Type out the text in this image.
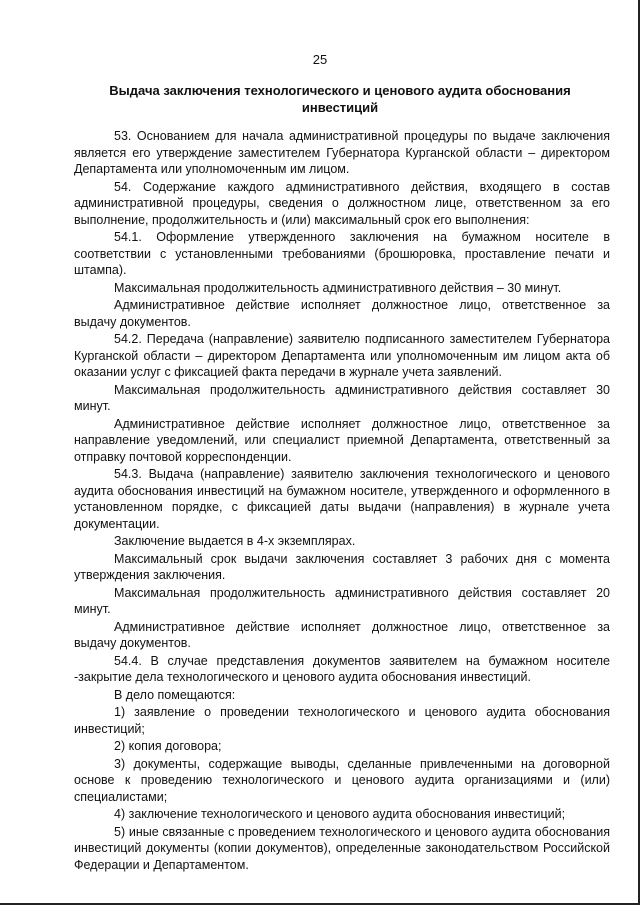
25
Выдача заключения технологического и ценового аудита обоснования инвестиций

53. Основанием для начала административной процедуры по выдаче заключения является его утверждение заместителем Губернатора Курганской области – директором Департамента или уполномоченным им лицом.

54. Содержание каждого административного действия, входящего в состав административной процедуры, сведения о должностном лице, ответственном за его выполнение, продолжительность и (или) максимальный срок его выполнения:

54.1. Оформление утвержденного заключения на бумажном носителе в соответствии с установленными требованиями (брошюровка, проставление печати и штампа).

Максимальная продолжительность административного действия – 30 минут.

Административное действие исполняет должностное лицо, ответственное за выдачу документов.

54.2. Передача (направление) заявителю подписанного заместителем Губернатора Курганской области – директором Департамента или уполномоченным им лицом акта об оказании услуг с фиксацией факта передачи в журнале учета заявлений.

Максимальная продолжительность административного действия составляет 30 минут.

Административное действие исполняет должностное лицо, ответственное за направление уведомлений, или специалист приемной Департамента, ответственный за отправку почтовой корреспонденции.

54.3. Выдача (направление) заявителю заключения технологического и ценового аудита обоснования инвестиций на бумажном носителе, утвержденного и оформленного в установленном порядке, с фиксацией даты выдачи (направления) в журнале учета документации.

Заключение выдается в 4-х экземплярах.

Максимальный срок выдачи заключения составляет 3 рабочих дня с момента утверждения заключения.

Максимальная продолжительность административного действия составляет 20 минут.

Административное действие исполняет должностное лицо, ответственное за выдачу документов.

54.4. В случае представления документов заявителем на бумажном носителе -закрытие дела технологического и ценового аудита обоснования инвестиций.

В дело помещаются:

1) заявление о проведении технологического и ценового аудита обоснования инвестиций;

2) копия договора;

3) документы, содержащие выводы, сделанные привлеченными на договорной основе к проведению технологического и ценового аудита организациями и (или) специалистами;

4) заключение технологического и ценового аудита обоснования инвестиций;

5) иные связанные с проведением технологического и ценового аудита обоснования инвестиций документы (копии документов), определенные законодательством Российской Федерации и Департаментом.
